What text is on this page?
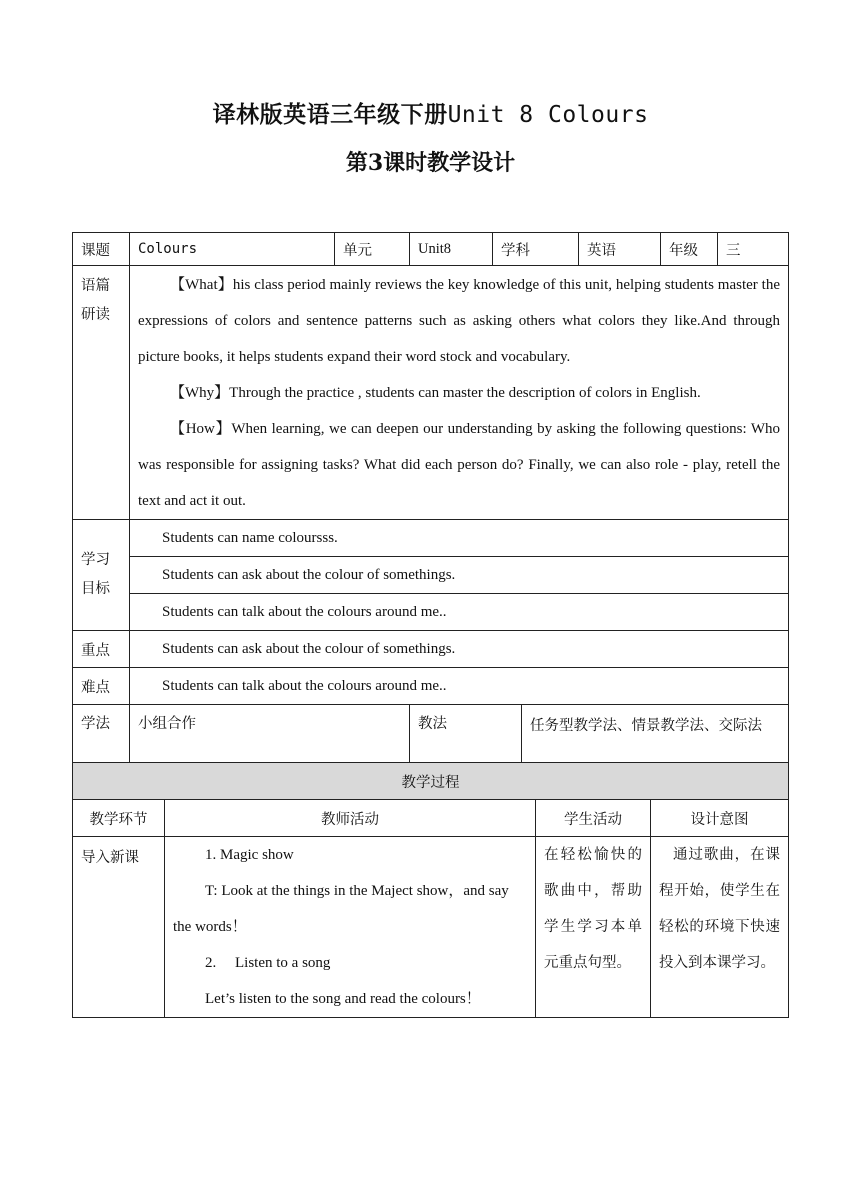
译林版英语三年级下册Unit 8 Colours
第3课时教学设计
课题	Colours	单元	Unit8	学科		英语	年级	三
语篇研读	【What】his class period mainly reviews the key knowledge of this unit, helping students master the expressions of colors and sentence patterns such as asking others what colors they like.And through picture books, it helps students expand their word stock and vocabulary.

【Why】Through the practice , students can master the description of colors in English.

【How】When learning, we can deepen our understanding by asking the following questions: Who was responsible for assigning tasks? What did each person do? Finally, we can also role - play, retell the text and act it out.							

学习目标	Students can name coloursss.							
	Students can ask about the colour of somethings.							
	Students can talk about the colours around me..							
重点	Students can ask about the colour of somethings.							
难点	Students can talk about the colours around me..							
学法	小组合作		教法		任务型教学法、情景教学法、交际法			
教学过程			
教学环节	教师活动	学生活动	设计意图
导入新课	1. Magic show

T: Look at the things in the Maject show，and say the words！

2.     Listen to a song

Let’s listen to the song and read the colours！	在轻松愉快的歌曲中，帮助学生学习本单元重点句型。	通过歌曲，在课程开始，使学生在轻松的环境下快速投入到本课学习。
